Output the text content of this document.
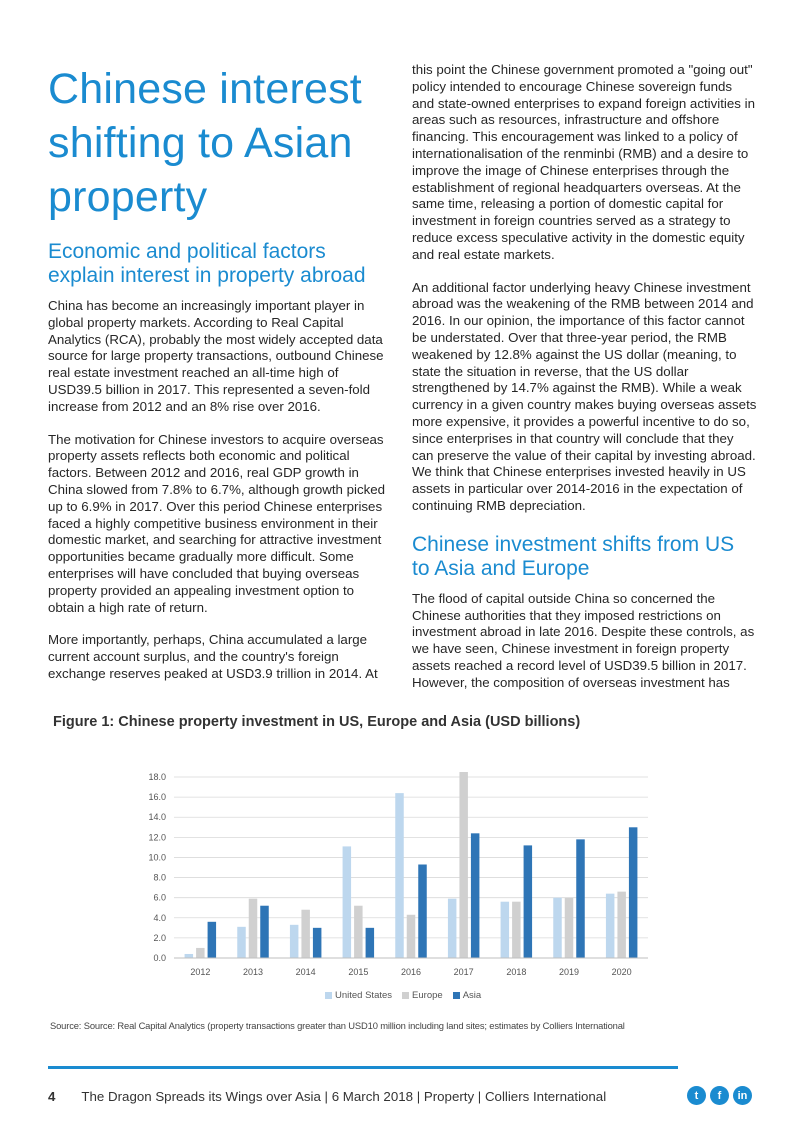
Chinese interest shifting to Asian property
Economic and political factors explain interest in property abroad

China has become an increasingly important player in global property markets. According to Real Capital Analytics (RCA), probably the most widely accepted data source for large property transactions, outbound Chinese real estate investment reached an all-time high of USD39.5 billion in 2017. This represented a seven-fold increase from 2012 and an 8% rise over 2016.

The motivation for Chinese investors to acquire overseas property assets reflects both economic and political factors. Between 2012 and 2016, real GDP growth in China slowed from 7.8% to 6.7%, although growth picked up to 6.9% in 2017. Over this period Chinese enterprises faced a highly competitive business environment in their domestic market, and searching for attractive investment opportunities became gradually more difficult. Some enterprises will have concluded that buying overseas property provided an appealing investment option to obtain a high rate of return.

More importantly, perhaps, China accumulated a large current account surplus, and the country's foreign exchange reserves peaked at USD3.9 trillion in 2014. At

this point the Chinese government promoted a "going out" policy intended to encourage Chinese sovereign funds and state-owned enterprises to expand foreign activities in areas such as resources, infrastructure and offshore financing. This encouragement was linked to a policy of internationalisation of the renminbi (RMB) and a desire to improve the image of Chinese enterprises through the establishment of regional headquarters overseas. At the same time, releasing a portion of domestic capital for investment in foreign countries served as a strategy to reduce excess speculative activity in the domestic equity and real estate markets.

An additional factor underlying heavy Chinese investment abroad was the weakening of the RMB between 2014 and 2016. In our opinion, the importance of this factor cannot be understated. Over that three-year period, the RMB weakened by 12.8% against the US dollar (meaning, to state the situation in reverse, that the US dollar strengthened by 14.7% against the RMB). While a weak currency in a given country makes buying overseas assets more expensive, it provides a powerful incentive to do so, since enterprises in that country will conclude that they can preserve the value of their capital by investing abroad. We think that Chinese enterprises invested heavily in US assets in particular over 2014-2016 in the expectation of continuing RMB depreciation.

Chinese investment shifts from US to Asia and Europe

The flood of capital outside China so concerned the Chinese authorities that they imposed restrictions on investment abroad in late 2016. Despite these controls, as we have seen, Chinese investment in foreign property assets reached a record level of USD39.5 billion in 2017. However, the composition of overseas investment has

Figure 1: Chinese property investment in US, Europe and Asia (USD billions)
0.0
2.0
4.0
6.0
8.0
10.0
12.0
14.0
16.0
18.0
2012	2013	2014	2015	2016	2017	2018	2019	2020
United States Europe Asia
Source: Source: Real Capital Analytics (property transactions greater than USD10 million including land sites; estimates by Colliers International
4 The Dragon Spreads its Wings over Asia | 6 March 2018 | Property | Colliers International	t	f	in
